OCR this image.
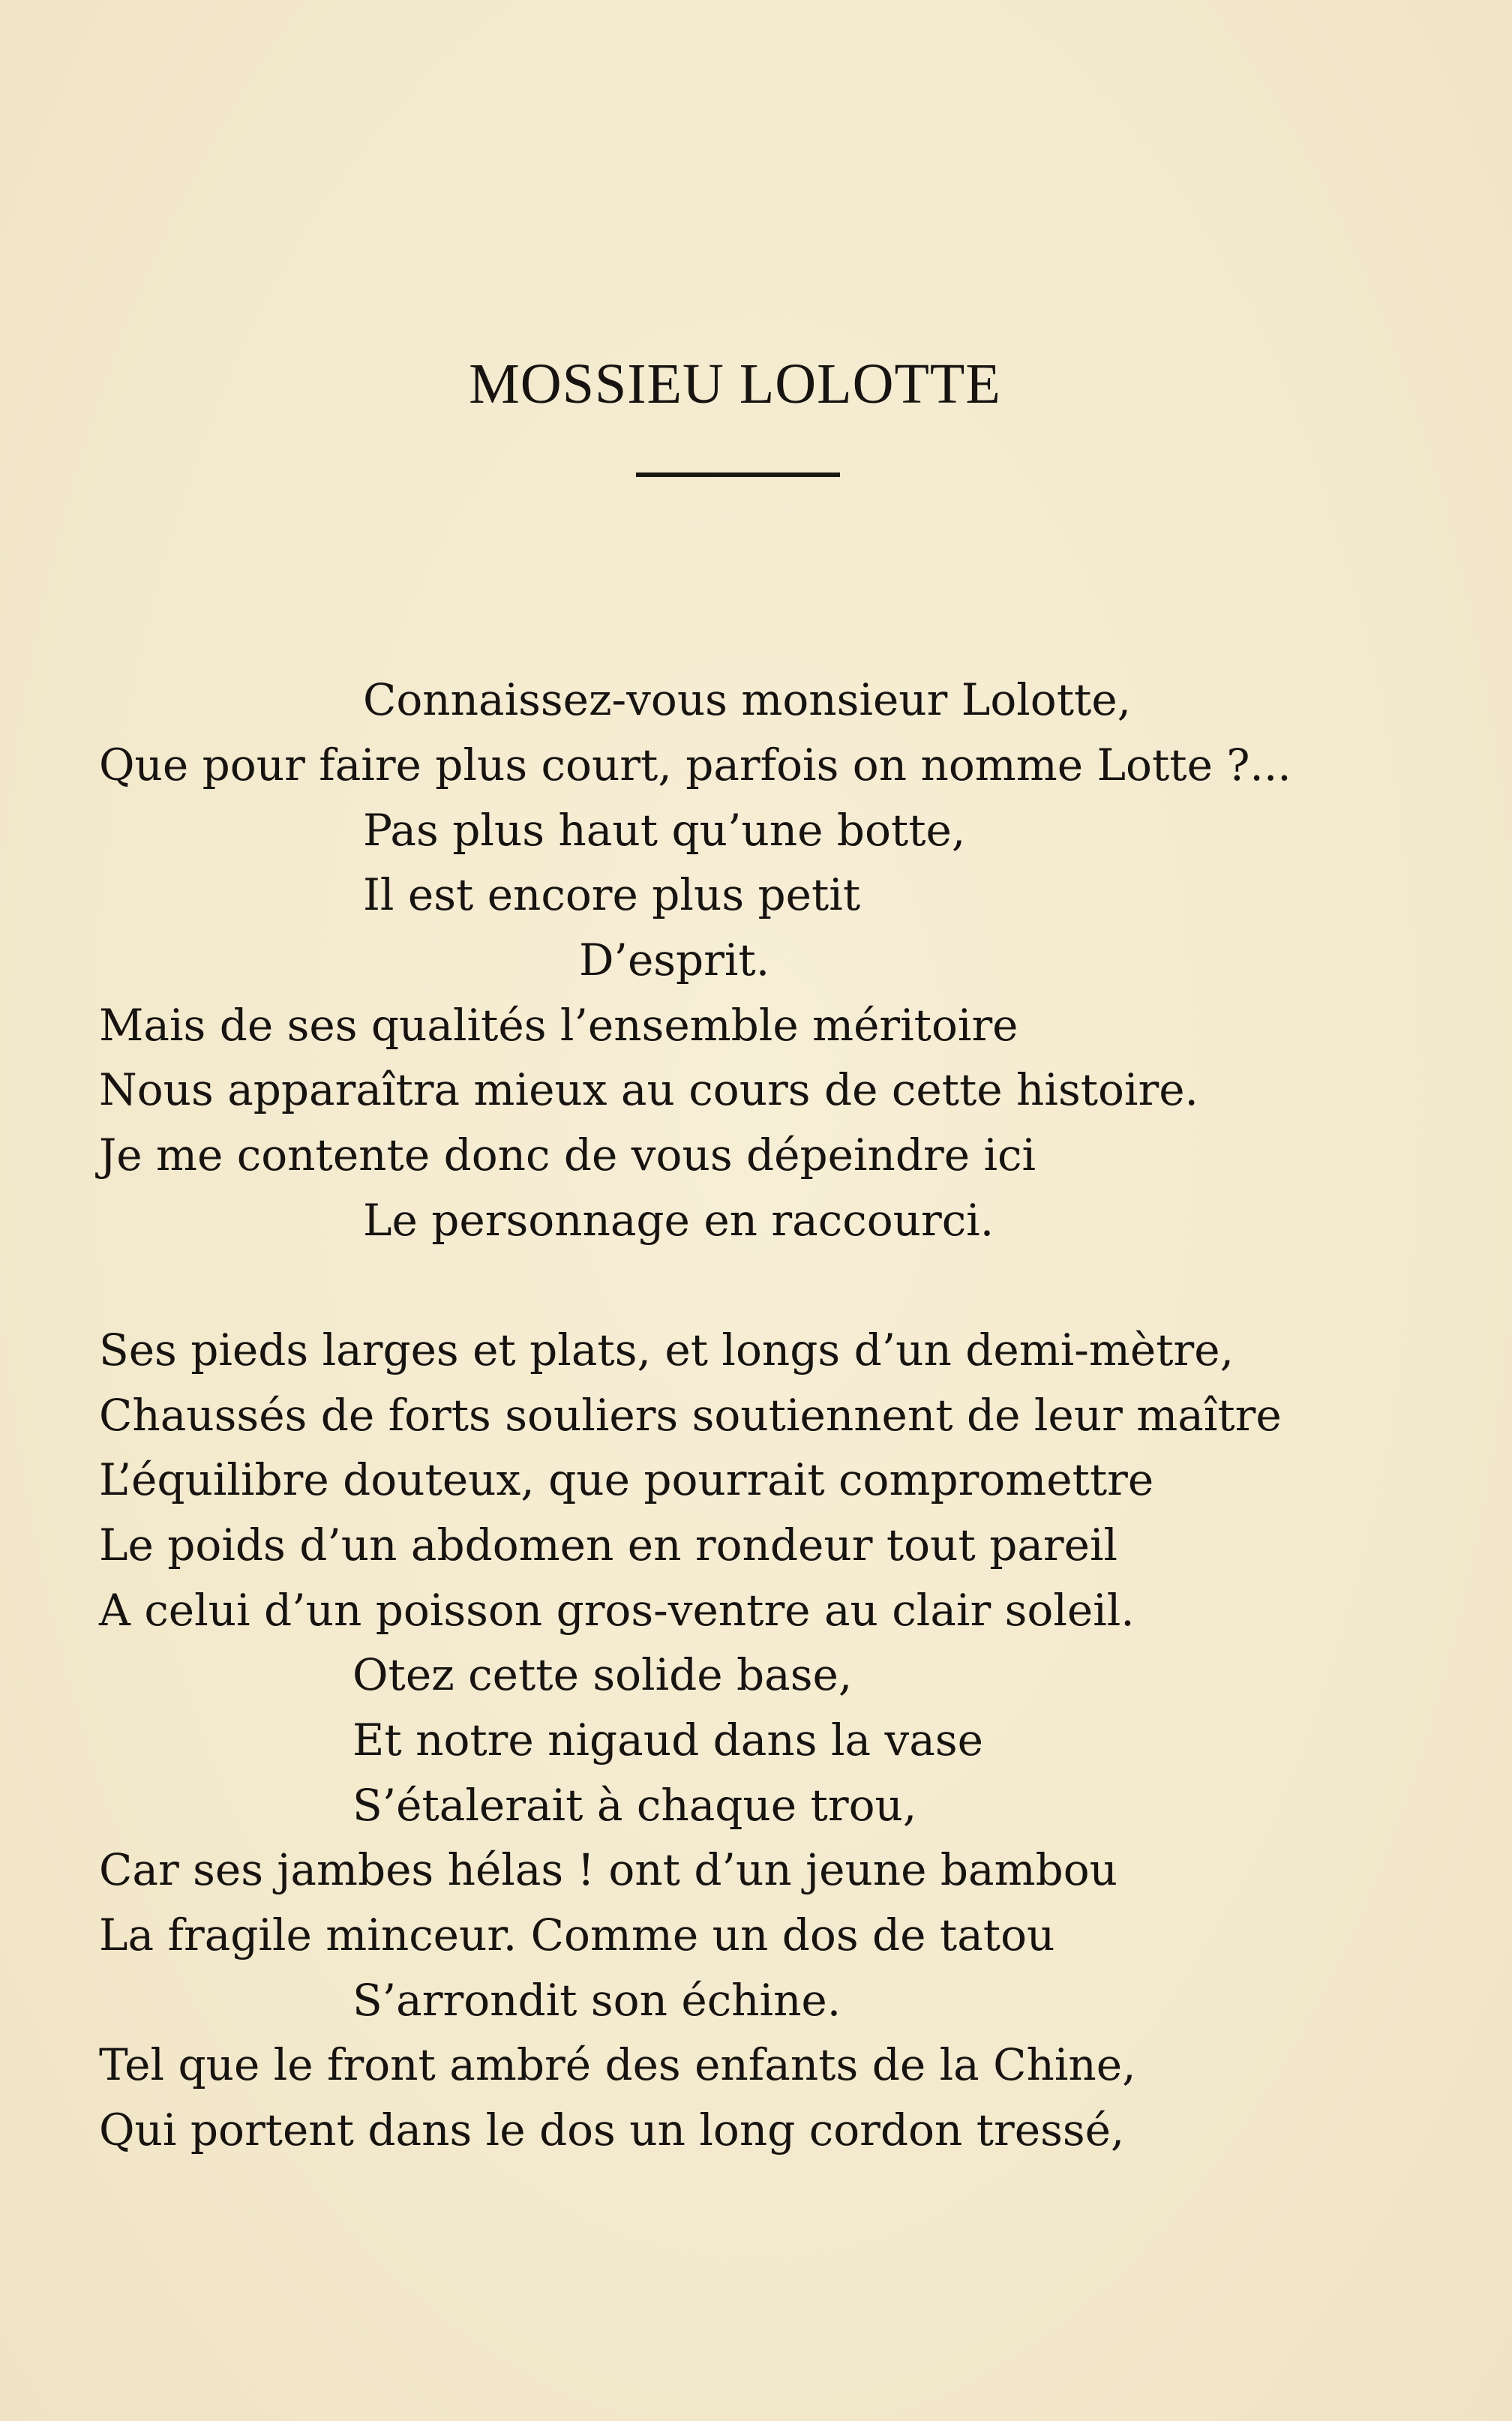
MOSSIEU LOLOTTE
Connaissez-vous monsieur Lolotte,
Que pour faire plus court, parfois on nomme Lotte ?...
Pas plus haut qu’une botte,
Il est encore plus petit
D’esprit.
Mais de ses qualités l’ensemble méritoire
Nous apparaîtra mieux au cours de cette histoire.
Je me contente donc de vous dépeindre ici
Le personnage en raccourci.
Ses pieds larges et plats, et longs d’un demi-mètre,
Chaussés de forts souliers soutiennent de leur maître
L’équilibre douteux, que pourrait compromettre
Le poids d’un abdomen en rondeur tout pareil
A celui d’un poisson gros-ventre au clair soleil.
Otez cette solide base,
Et notre nigaud dans la vase
S’étalerait à chaque trou,
Car ses jambes hélas ! ont d’un jeune bambou
La fragile minceur. Comme un dos de tatou
S’arrondit son échine.
Tel que le front ambré des enfants de la Chine,
Qui portent dans le dos un long cordon tressé,
